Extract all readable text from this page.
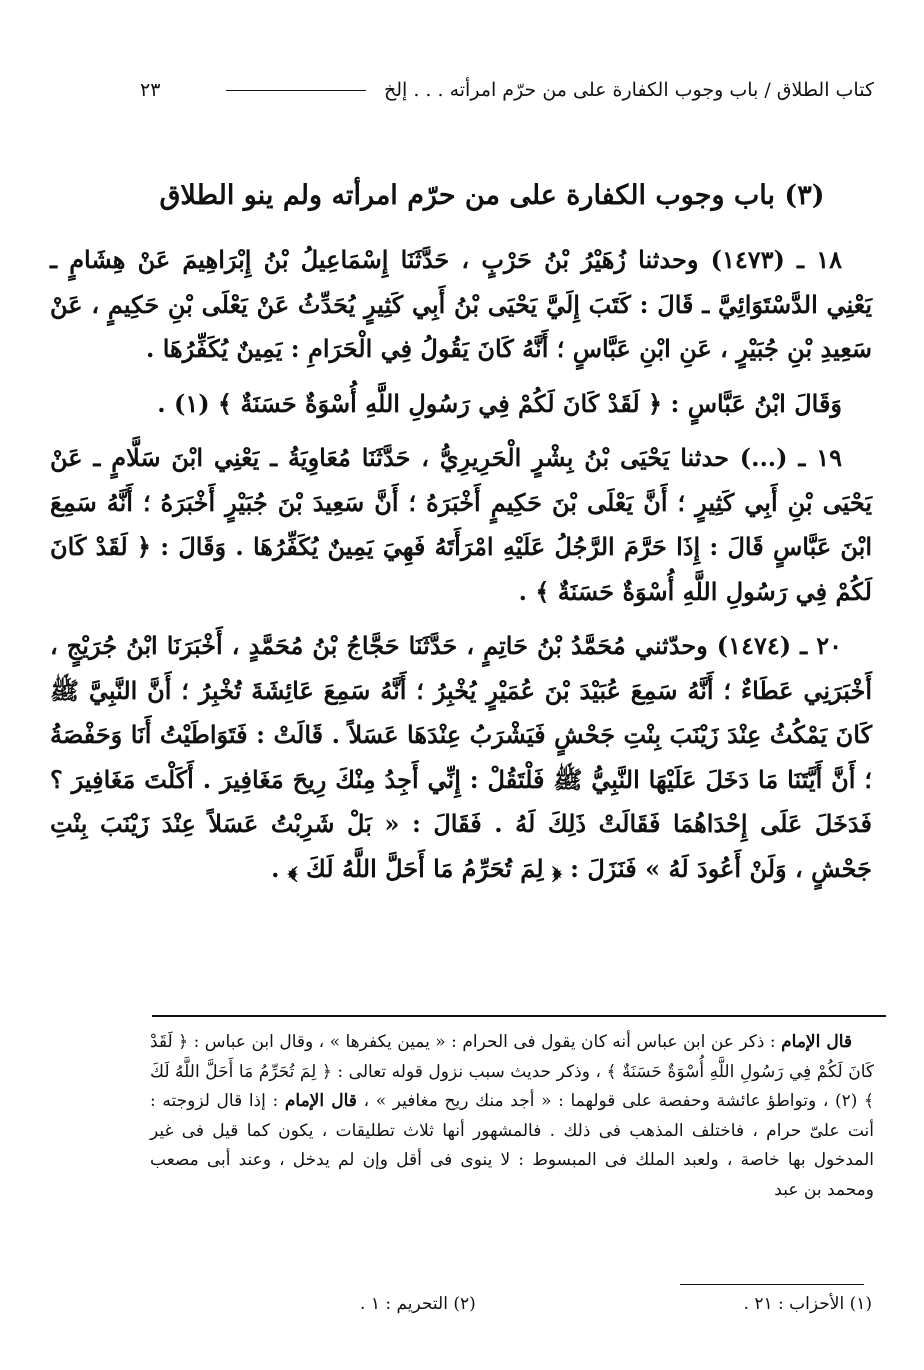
كتاب الطلاق / باب وجوب الكفارة على من حرّم امرأته . . . إلخ
٢٣
(٣) باب وجوب الكفارة على من حرّم امرأته ولم ينو الطلاق

١٨ ـ (١٤٧٣) وحدثنا زُهَيْرُ بْنُ حَرْبٍ ، حَدَّثَنَا إِسْمَاعِيلُ بْنُ إِبْرَاهِيمَ عَنْ هِشَامٍ ـ يَعْنِي الدَّسْتَوَائِيَّ ـ قَالَ : كَتَبَ إِلَيَّ يَحْيَى بْنُ أَبِي كَثِيرٍ يُحَدِّثُ عَنْ يَعْلَى بْنِ حَكِيمٍ ، عَنْ سَعِيدِ بْنِ جُبَيْرٍ ، عَنِ ابْنِ عَبَّاسٍ ؛ أَنَّهُ كَانَ يَقُولُ فِي الْحَرَامِ : يَمِينٌ يُكَفِّرُهَا .

وَقَالَ ابْنُ عَبَّاسٍ : ﴿ لَقَدْ كَانَ لَكُمْ فِي رَسُولِ اللَّهِ أُسْوَةٌ حَسَنَةٌ ﴾ (١) .

١٩ ـ (...) حدثنا يَحْيَى بْنُ بِشْرٍ الْحَرِيرِيُّ ، حَدَّثَنَا مُعَاوِيَةُ ـ يَعْنِي ابْنَ سَلَّامٍ ـ عَنْ يَحْيَى بْنِ أَبِي كَثِيرٍ ؛ أَنَّ يَعْلَى بْنَ حَكِيمٍ أَخْبَرَهُ ؛ أَنَّ سَعِيدَ بْنَ جُبَيْرٍ أَخْبَرَهُ ؛ أَنَّهُ سَمِعَ ابْنَ عَبَّاسٍ قَالَ : إِذَا حَرَّمَ الرَّجُلُ عَلَيْهِ امْرَأَتَهُ فَهِيَ يَمِينٌ يُكَفِّرُهَا . وَقَالَ : ﴿ لَقَدْ كَانَ لَكُمْ فِي رَسُولِ اللَّهِ أُسْوَةٌ حَسَنَةٌ ﴾ .

٢٠ ـ (١٤٧٤) وحدّثني مُحَمَّدُ بْنُ حَاتِمٍ ، حَدَّثَنَا حَجَّاجُ بْنُ مُحَمَّدٍ ، أَخْبَرَنَا ابْنُ جُرَيْجٍ ، أَخْبَرَنِي عَطَاءٌ ؛ أَنَّهُ سَمِعَ عُبَيْدَ بْنَ عُمَيْرٍ يُخْبِرُ ؛ أَنَّهُ سَمِعَ عَائِشَةَ تُخْبِرُ ؛ أَنَّ النَّبِيَّ ﷺ كَانَ يَمْكُثُ عِنْدَ زَيْنَبَ بِنْتِ جَحْشٍ فَيَشْرَبُ عِنْدَهَا عَسَلاً . قَالَتْ : فَتَوَاطَيْتُ أَنَا وَحَفْصَةُ ؛ أَنَّ أَيَّتَنَا مَا دَخَلَ عَلَيْهَا النَّبِيُّ ﷺ فَلْتَقُلْ : إِنِّي أَجِدُ مِنْكَ رِيحَ مَغَافِيرَ . أَكَلْتَ مَغَافِيرَ ؟ فَدَخَلَ عَلَى إِحْدَاهُمَا فَقَالَتْ ذَلِكَ لَهُ . فَقَالَ : « بَلْ شَرِبْتُ عَسَلاً عِنْدَ زَيْنَبَ بِنْتِ جَحْشٍ ، وَلَنْ أَعُودَ لَهُ » فَنَزَلَ : ﴿ لِمَ تُحَرِّمُ مَا أَحَلَّ اللَّهُ لَكَ ﴾ .

قال الإمام : ذكر عن ابن عباس أنه كان يقول فى الحرام : « يمين يكفرها » ، وقال ابن عباس : ﴿ لَقَدْ كَانَ لَكُمْ فِي رَسُولِ اللَّهِ أُسْوَةٌ حَسَنَةٌ ﴾ ، وذكر حديث سبب نزول قوله تعالى : ﴿ لِمَ تُحَرِّمُ مَا أَحَلَّ اللَّهُ لَكَ ﴾ (٢) ، وتواطؤ عائشة وحفصة على قولهما : « أجد منك ريح مغافير » ، قال الإمام : إذا قال لزوجته : أنت علىّ حرام ، فاختلف المذهب فى ذلك . فالمشهور أنها ثلاث تطليقات ، يكون كما قيل فى غير المدخول بها خاصة ، ولعبد الملك فى المبسوط : لا ينوى فى أقل وإن لم يدخل ، وعند أبى مصعب ومحمد بن عبد

(١) الأحزاب : ٢١ .
(٢) التحريم : ١ .
